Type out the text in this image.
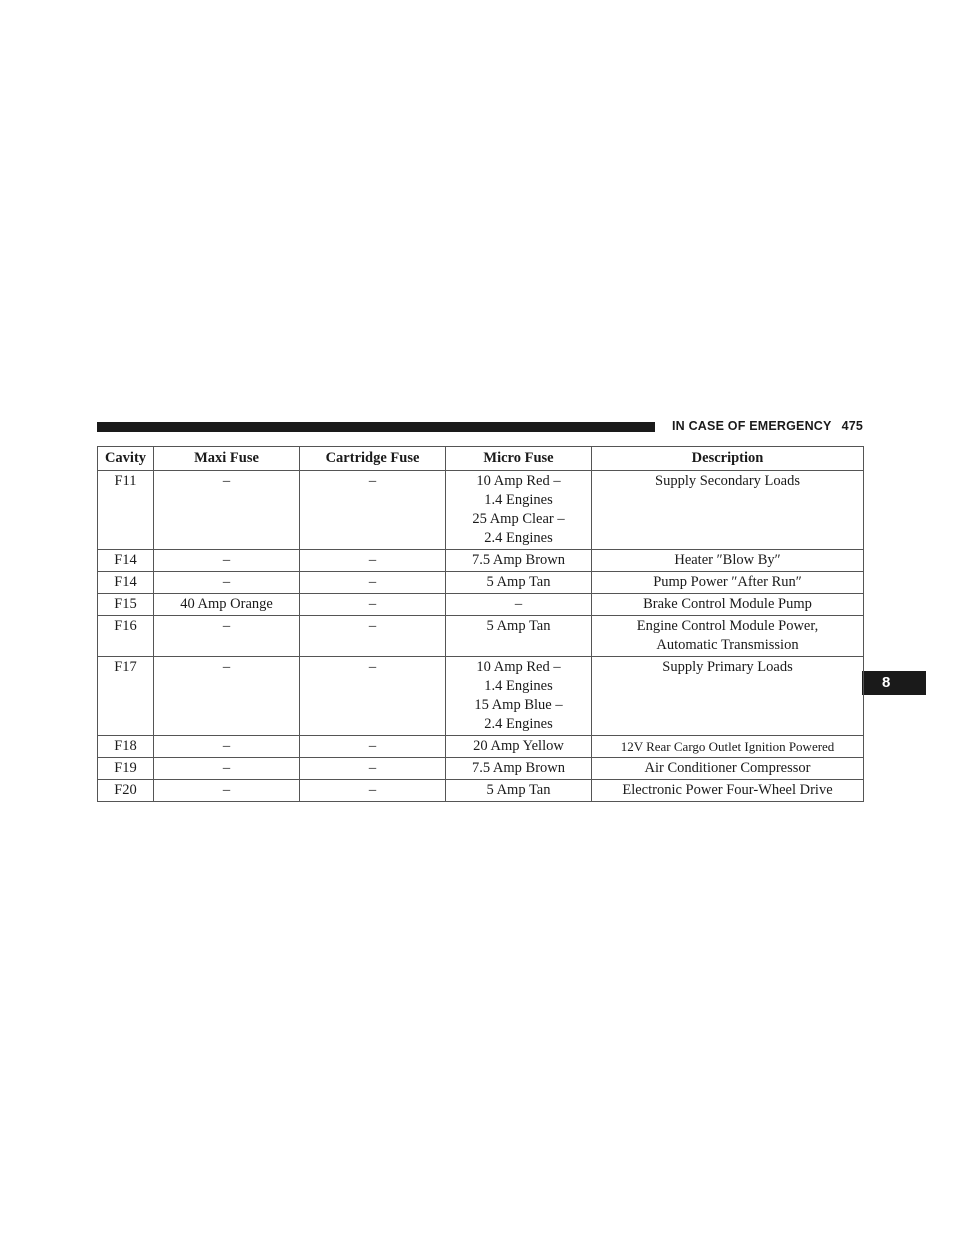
IN CASE OF EMERGENCY 475
8
Cavity	Maxi Fuse	Cartridge Fuse	Micro Fuse	Description
F11	–	–	10 Amp Red –
1.4 Engines
25 Amp Clear –
2.4 Engines	Supply Secondary Loads

F14	–	–	7.5 Amp Brown	Heater ″Blow By″

F14	–	–	5 Amp Tan	Pump Power ″After Run″

F15	40 Amp Orange	–	–	Brake Control Module Pump

F16	–	–	5 Amp Tan	Engine Control Module Power,
Automatic Transmission

F17	–	–	10 Amp Red –
1.4 Engines
15 Amp Blue –
2.4 Engines	Supply Primary Loads

F18	–	–	20 Amp Yellow	12V Rear Cargo Outlet Ignition Powered

F19	–	–	7.5 Amp Brown	Air Conditioner Compressor

F20	–	–	5 Amp Tan	Electronic Power Four-Wheel Drive
